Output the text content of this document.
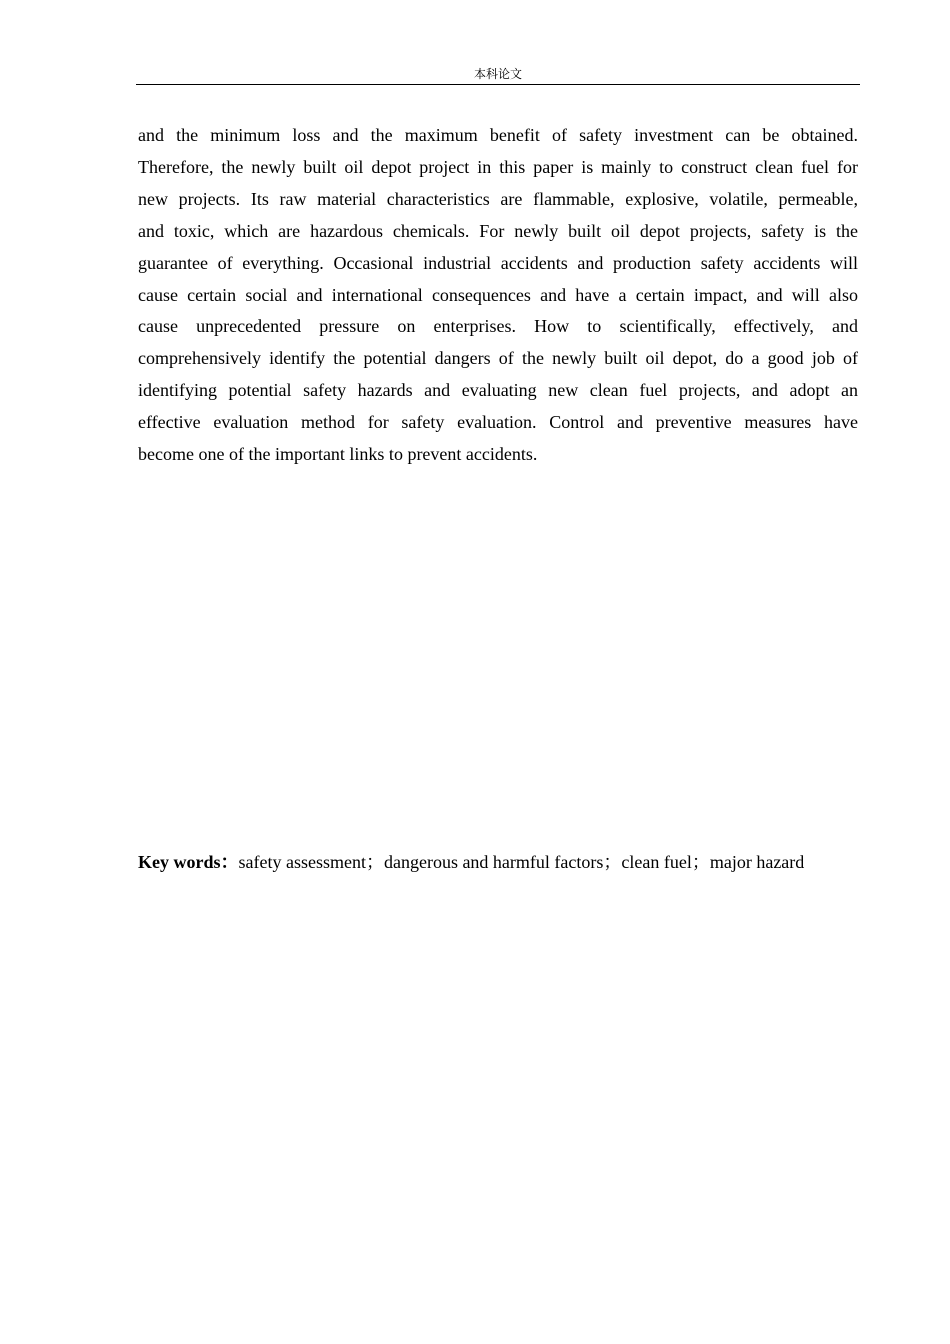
本科论文
and the minimum loss and the maximum benefit of safety investment can be obtained.
Therefore, the newly built oil depot project in this paper is mainly to construct clean fuel for
new projects. Its raw material characteristics are flammable, explosive, volatile, permeable,
and toxic, which are hazardous chemicals. For newly built oil depot projects, safety is the
guarantee of everything. Occasional industrial accidents and production safety accidents will
cause certain social and international consequences and have a certain impact, and will also
cause unprecedented pressure on enterprises. How to scientifically, effectively, and
comprehensively identify the potential dangers of the newly built oil depot, do a good job of
identifying potential safety hazards and evaluating new clean fuel projects, and adopt an
effective evaluation method for safety evaluation. Control and preventive measures have
become one of the important links to prevent accidents.
Key words：safety assessment；dangerous and harmful factors；clean fuel；major hazard
